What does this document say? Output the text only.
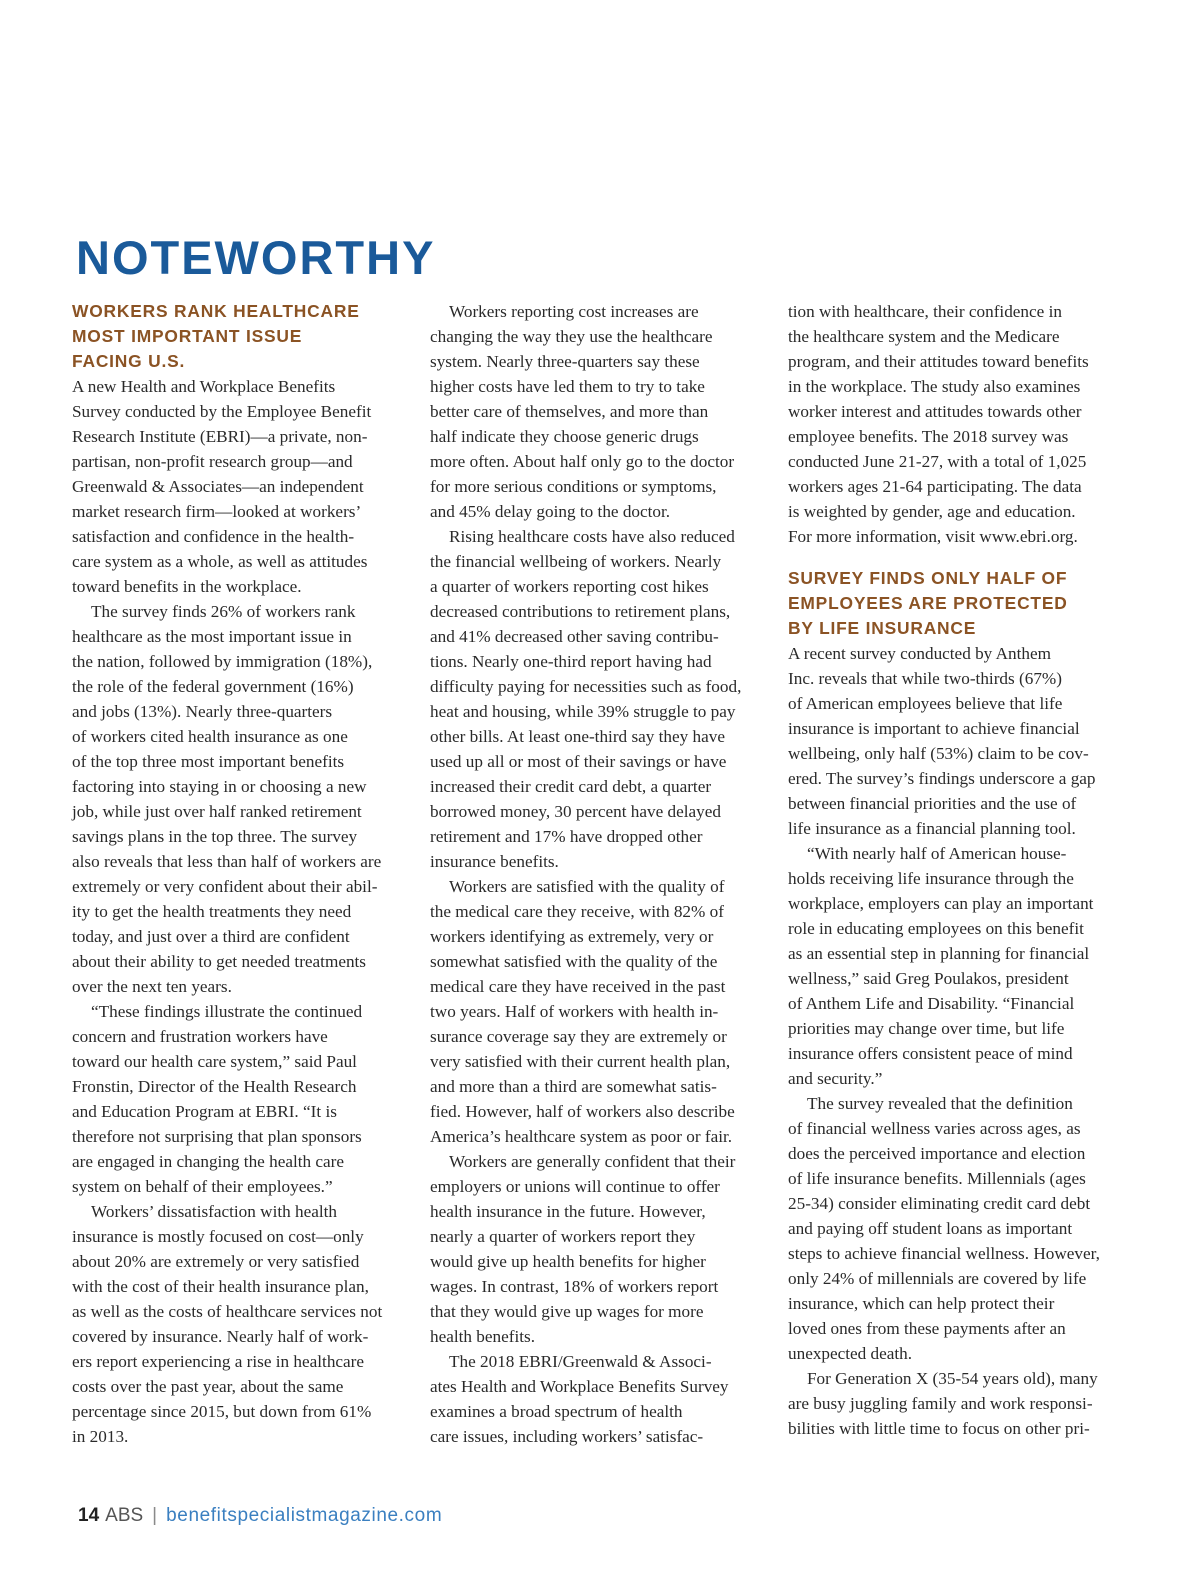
NOTEWORTHY
WORKERS RANK HEALTHCARE
MOST IMPORTANT ISSUE
FACING U.S.

A new Health and Workplace Benefits
Survey conducted by the Employee Benefit
Research Institute (EBRI)—a private, non-
partisan, non-profit research group—and
Greenwald & Associates—an independent
market research firm—looked at workers’
satisfaction and confidence in the health-
care system as a whole, as well as attitudes
toward benefits in the workplace.

The survey finds 26% of workers rank
healthcare as the most important issue in
the nation, followed by immigration (18%),
the role of the federal government (16%)
and jobs (13%). Nearly three-quarters
of workers cited health insurance as one
of the top three most important benefits
factoring into staying in or choosing a new
job, while just over half ranked retirement
savings plans in the top three. The survey
also reveals that less than half of workers are
extremely or very confident about their abil-
ity to get the health treatments they need
today, and just over a third are confident
about their ability to get needed treatments
over the next ten years.

“These findings illustrate the continued
concern and frustration workers have
toward our health care system,” said Paul
Fronstin, Director of the Health Research
and Education Program at EBRI. “It is
therefore not surprising that plan sponsors
are engaged in changing the health care
system on behalf of their employees.”

Workers’ dissatisfaction with health
insurance is mostly focused on cost—only
about 20% are extremely or very satisfied
with the cost of their health insurance plan,
as well as the costs of healthcare services not
covered by insurance. Nearly half of work-
ers report experiencing a rise in healthcare
costs over the past year, about the same
percentage since 2015, but down from 61%
in 2013.

Workers reporting cost increases are
changing the way they use the healthcare
system. Nearly three-quarters say these
higher costs have led them to try to take
better care of themselves, and more than
half indicate they choose generic drugs
more often. About half only go to the doctor
for more serious conditions or symptoms,
and 45% delay going to the doctor.

Rising healthcare costs have also reduced
the financial wellbeing of workers. Nearly
a quarter of workers reporting cost hikes
decreased contributions to retirement plans,
and 41% decreased other saving contribu-
tions. Nearly one-third report having had
difficulty paying for necessities such as food,
heat and housing, while 39% struggle to pay
other bills. At least one-third say they have
used up all or most of their savings or have
increased their credit card debt, a quarter
borrowed money, 30 percent have delayed
retirement and 17% have dropped other
insurance benefits.

Workers are satisfied with the quality of
the medical care they receive, with 82% of
workers identifying as extremely, very or
somewhat satisfied with the quality of the
medical care they have received in the past
two years. Half of workers with health in-
surance coverage say they are extremely or
very satisfied with their current health plan,
and more than a third are somewhat satis-
fied. However, half of workers also describe
America’s healthcare system as poor or fair.

Workers are generally confident that their
employers or unions will continue to offer
health insurance in the future. However,
nearly a quarter of workers report they
would give up health benefits for higher
wages. In contrast, 18% of workers report
that they would give up wages for more
health benefits.

The 2018 EBRI/Greenwald & Associ-
ates Health and Workplace Benefits Survey
examines a broad spectrum of health
care issues, including workers’ satisfac-

tion with healthcare, their confidence in
the healthcare system and the Medicare
program, and their attitudes toward benefits
in the workplace. The study also examines
worker interest and attitudes towards other
employee benefits. The 2018 survey was
conducted June 21-27, with a total of 1,025
workers ages 21-64 participating. The data
is weighted by gender, age and education.
For more information, visit www.ebri.org.

SURVEY FINDS ONLY HALF OF
EMPLOYEES ARE PROTECTED
BY LIFE INSURANCE

A recent survey conducted by Anthem
Inc. reveals that while two-thirds (67%)
of American employees believe that life
insurance is important to achieve financial
wellbeing, only half (53%) claim to be cov-
ered. The survey’s findings underscore a gap
between financial priorities and the use of
life insurance as a financial planning tool.

“With nearly half of American house-
holds receiving life insurance through the
workplace, employers can play an important
role in educating employees on this benefit
as an essential step in planning for financial
wellness,” said Greg Poulakos, president
of Anthem Life and Disability. “Financial
priorities may change over time, but life
insurance offers consistent peace of mind
and security.”

The survey revealed that the definition
of financial wellness varies across ages, as
does the perceived importance and election
of life insurance benefits. Millennials (ages
25-34) consider eliminating credit card debt
and paying off student loans as important
steps to achieve financial wellness. However,
only 24% of millennials are covered by life
insurance, which can help protect their
loved ones from these payments after an
unexpected death.

For Generation X (35-54 years old), many
are busy juggling family and work responsi-
bilities with little time to focus on other pri-

14 ABS | benefitspecialistmagazine.com
